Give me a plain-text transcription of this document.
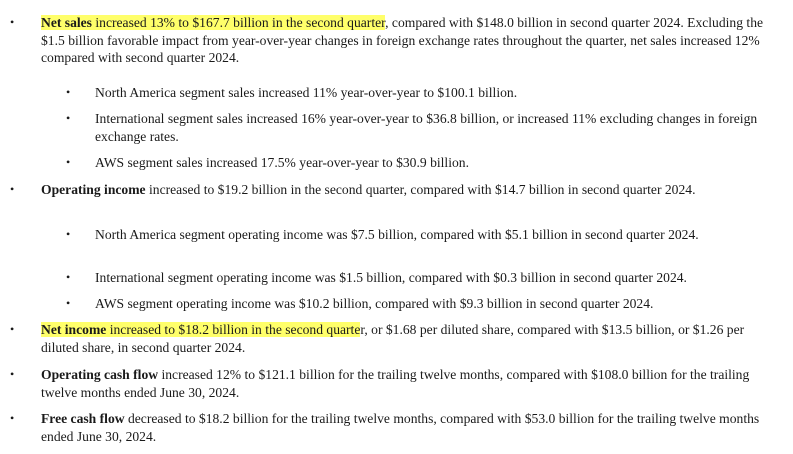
• Net sales increased 13% to $167.7 billion in the second quarter, compared with $148.0 billion in second quarter 2024. Excluding the $1.5 billion favorable impact from year-over-year changes in foreign exchange rates throughout the quarter, net sales increased 12% compared with second quarter 2024.
• North America segment sales increased 11% year-over-year to $100.1 billion.
• International segment sales increased 16% year-over-year to $36.8 billion, or increased 11% excluding changes in foreign exchange rates.
• AWS segment sales increased 17.5% year-over-year to $30.9 billion.
• Operating income increased to $19.2 billion in the second quarter, compared with $14.7 billion in second quarter 2024.
• North America segment operating income was $7.5 billion, compared with $5.1 billion in second quarter 2024.
• International segment operating income was $1.5 billion, compared with $0.3 billion in second quarter 2024.
• AWS segment operating income was $10.2 billion, compared with $9.3 billion in second quarter 2024.
• Net income increased to $18.2 billion in the second quarter, or $1.68 per diluted share, compared with $13.5 billion, or $1.26 per diluted share, in second quarter 2024.
• Operating cash flow increased 12% to $121.1 billion for the trailing twelve months, compared with $108.0 billion for the trailing twelve months ended June 30, 2024.
• Free cash flow decreased to $18.2 billion for the trailing twelve months, compared with $53.0 billion for the trailing twelve months ended June 30, 2024.
